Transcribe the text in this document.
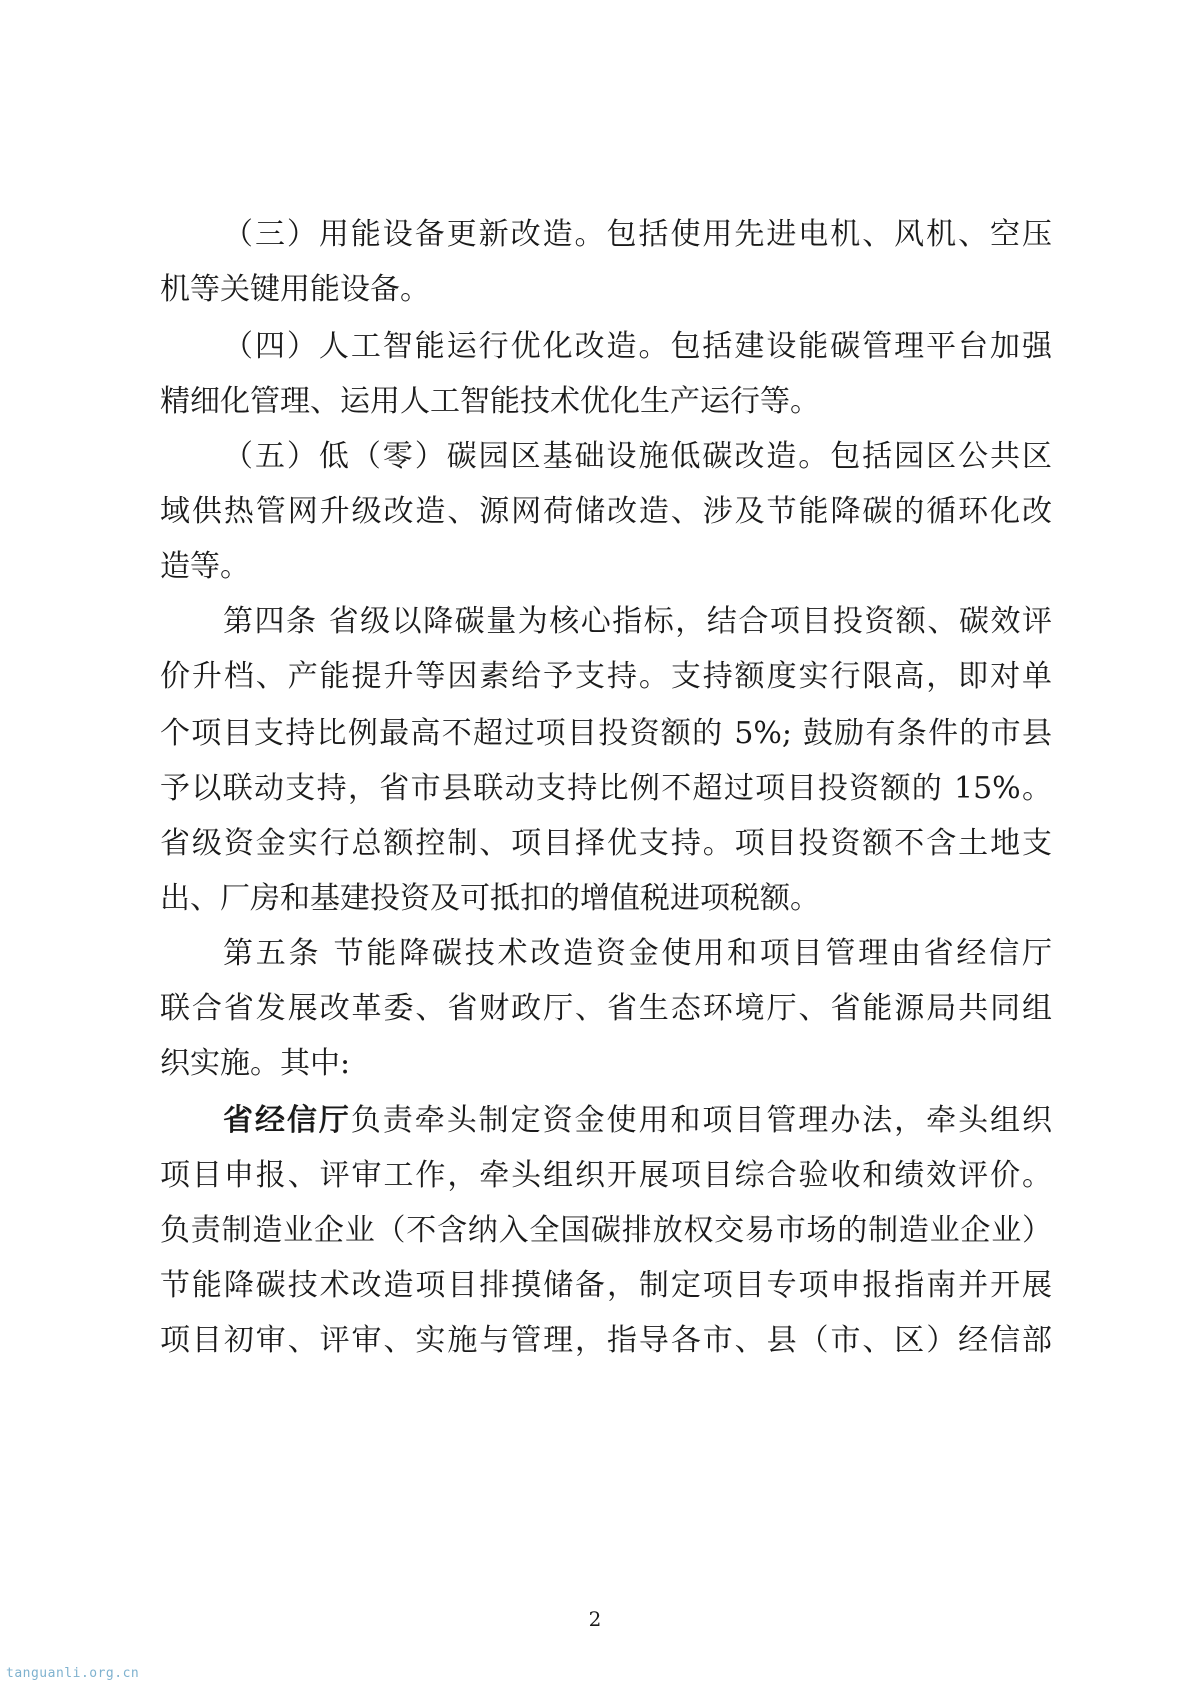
（三）用能设备更新改造。包括使用先进电机、风机、空压
机等关键用能设备。
（四）人工智能运行优化改造。包括建设能碳管理平台加强
精细化管理、运用人工智能技术优化生产运行等。
（五）低（零）碳园区基础设施低碳改造。包括园区公共区
域供热管网升级改造、源网荷储改造、涉及节能降碳的循环化改
造等。
第四条 省级以降碳量为核心指标，结合项目投资额、碳效评
价升档、产能提升等因素给予支持。支持额度实行限高，即对单
个项目支持比例最高不超过项目投资额的 5%; 鼓励有条件的市县
予以联动支持，省市县联动支持比例不超过项目投资额的 15%。
省级资金实行总额控制、项目择优支持。项目投资额不含土地支
出、厂房和基建投资及可抵扣的增值税进项税额。
第五条 节能降碳技术改造资金使用和项目管理由省经信厅
联合省发展改革委、省财政厅、省生态环境厅、省能源局共同组
织实施。其中:
省经信厅负责牵头制定资金使用和项目管理办法，牵头组织
项目申报、评审工作，牵头组织开展项目综合验收和绩效评价。
负责制造业企业（不含纳入全国碳排放权交易市场的制造业企业）
节能降碳技术改造项目排摸储备，制定项目专项申报指南并开展
项目初审、评审、实施与管理，指导各市、县（市、区）经信部
2
tanguanli.org.cn
